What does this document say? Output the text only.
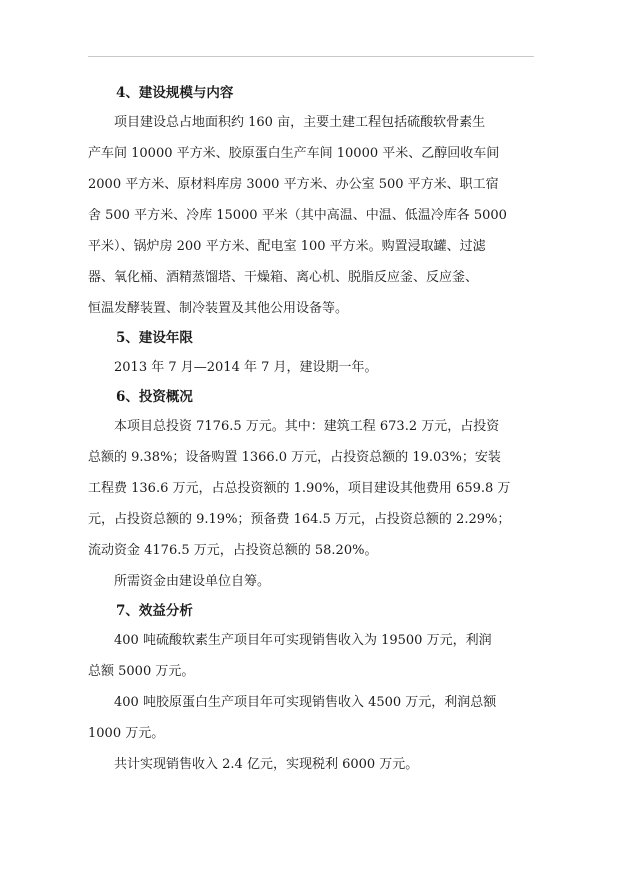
4、建设规模与内容

项目建设总占地面积约 160 亩，主要土建工程包括硫酸软骨素生
产车间 10000 平方米、胶原蛋白生产车间 10000 平米、乙醇回收车间
2000 平方米、原材料库房 3000 平方米、办公室 500 平方米、职工宿
舍 500 平方米、冷库 15000 平米（其中高温、中温、低温冷库各 5000
平米）、锅炉房 200 平方米、配电室 100 平方米。购置浸取罐、过滤
器、氧化桶、酒精蒸馏塔、干燥箱、离心机、脱脂反应釜、反应釜、
恒温发酵装置、制冷装置及其他公用设备等。

5、建设年限

2013 年 7 月—2014 年 7 月，建设期一年。

6、投资概况

本项目总投资 7176.5 万元。其中：建筑工程 673.2 万元，占投资
总额的 9.38%；设备购置 1366.0 万元，占投资总额的 19.03%；安装
工程费 136.6 万元，占总投资额的 1.90%，项目建设其他费用 659.8 万
元，占投资总额的 9.19%；预备费 164.5 万元，占投资总额的 2.29%；
流动资金 4176.5 万元，占投资总额的 58.20%。

所需资金由建设单位自筹。

7、效益分析

400 吨硫酸软素生产项目年可实现销售收入为 19500 万元，利润
总额 5000 万元。

400 吨胶原蛋白生产项目年可实现销售收入 4500 万元，利润总额
1000 万元。

共计实现销售收入 2.4 亿元，实现税利 6000 万元。
